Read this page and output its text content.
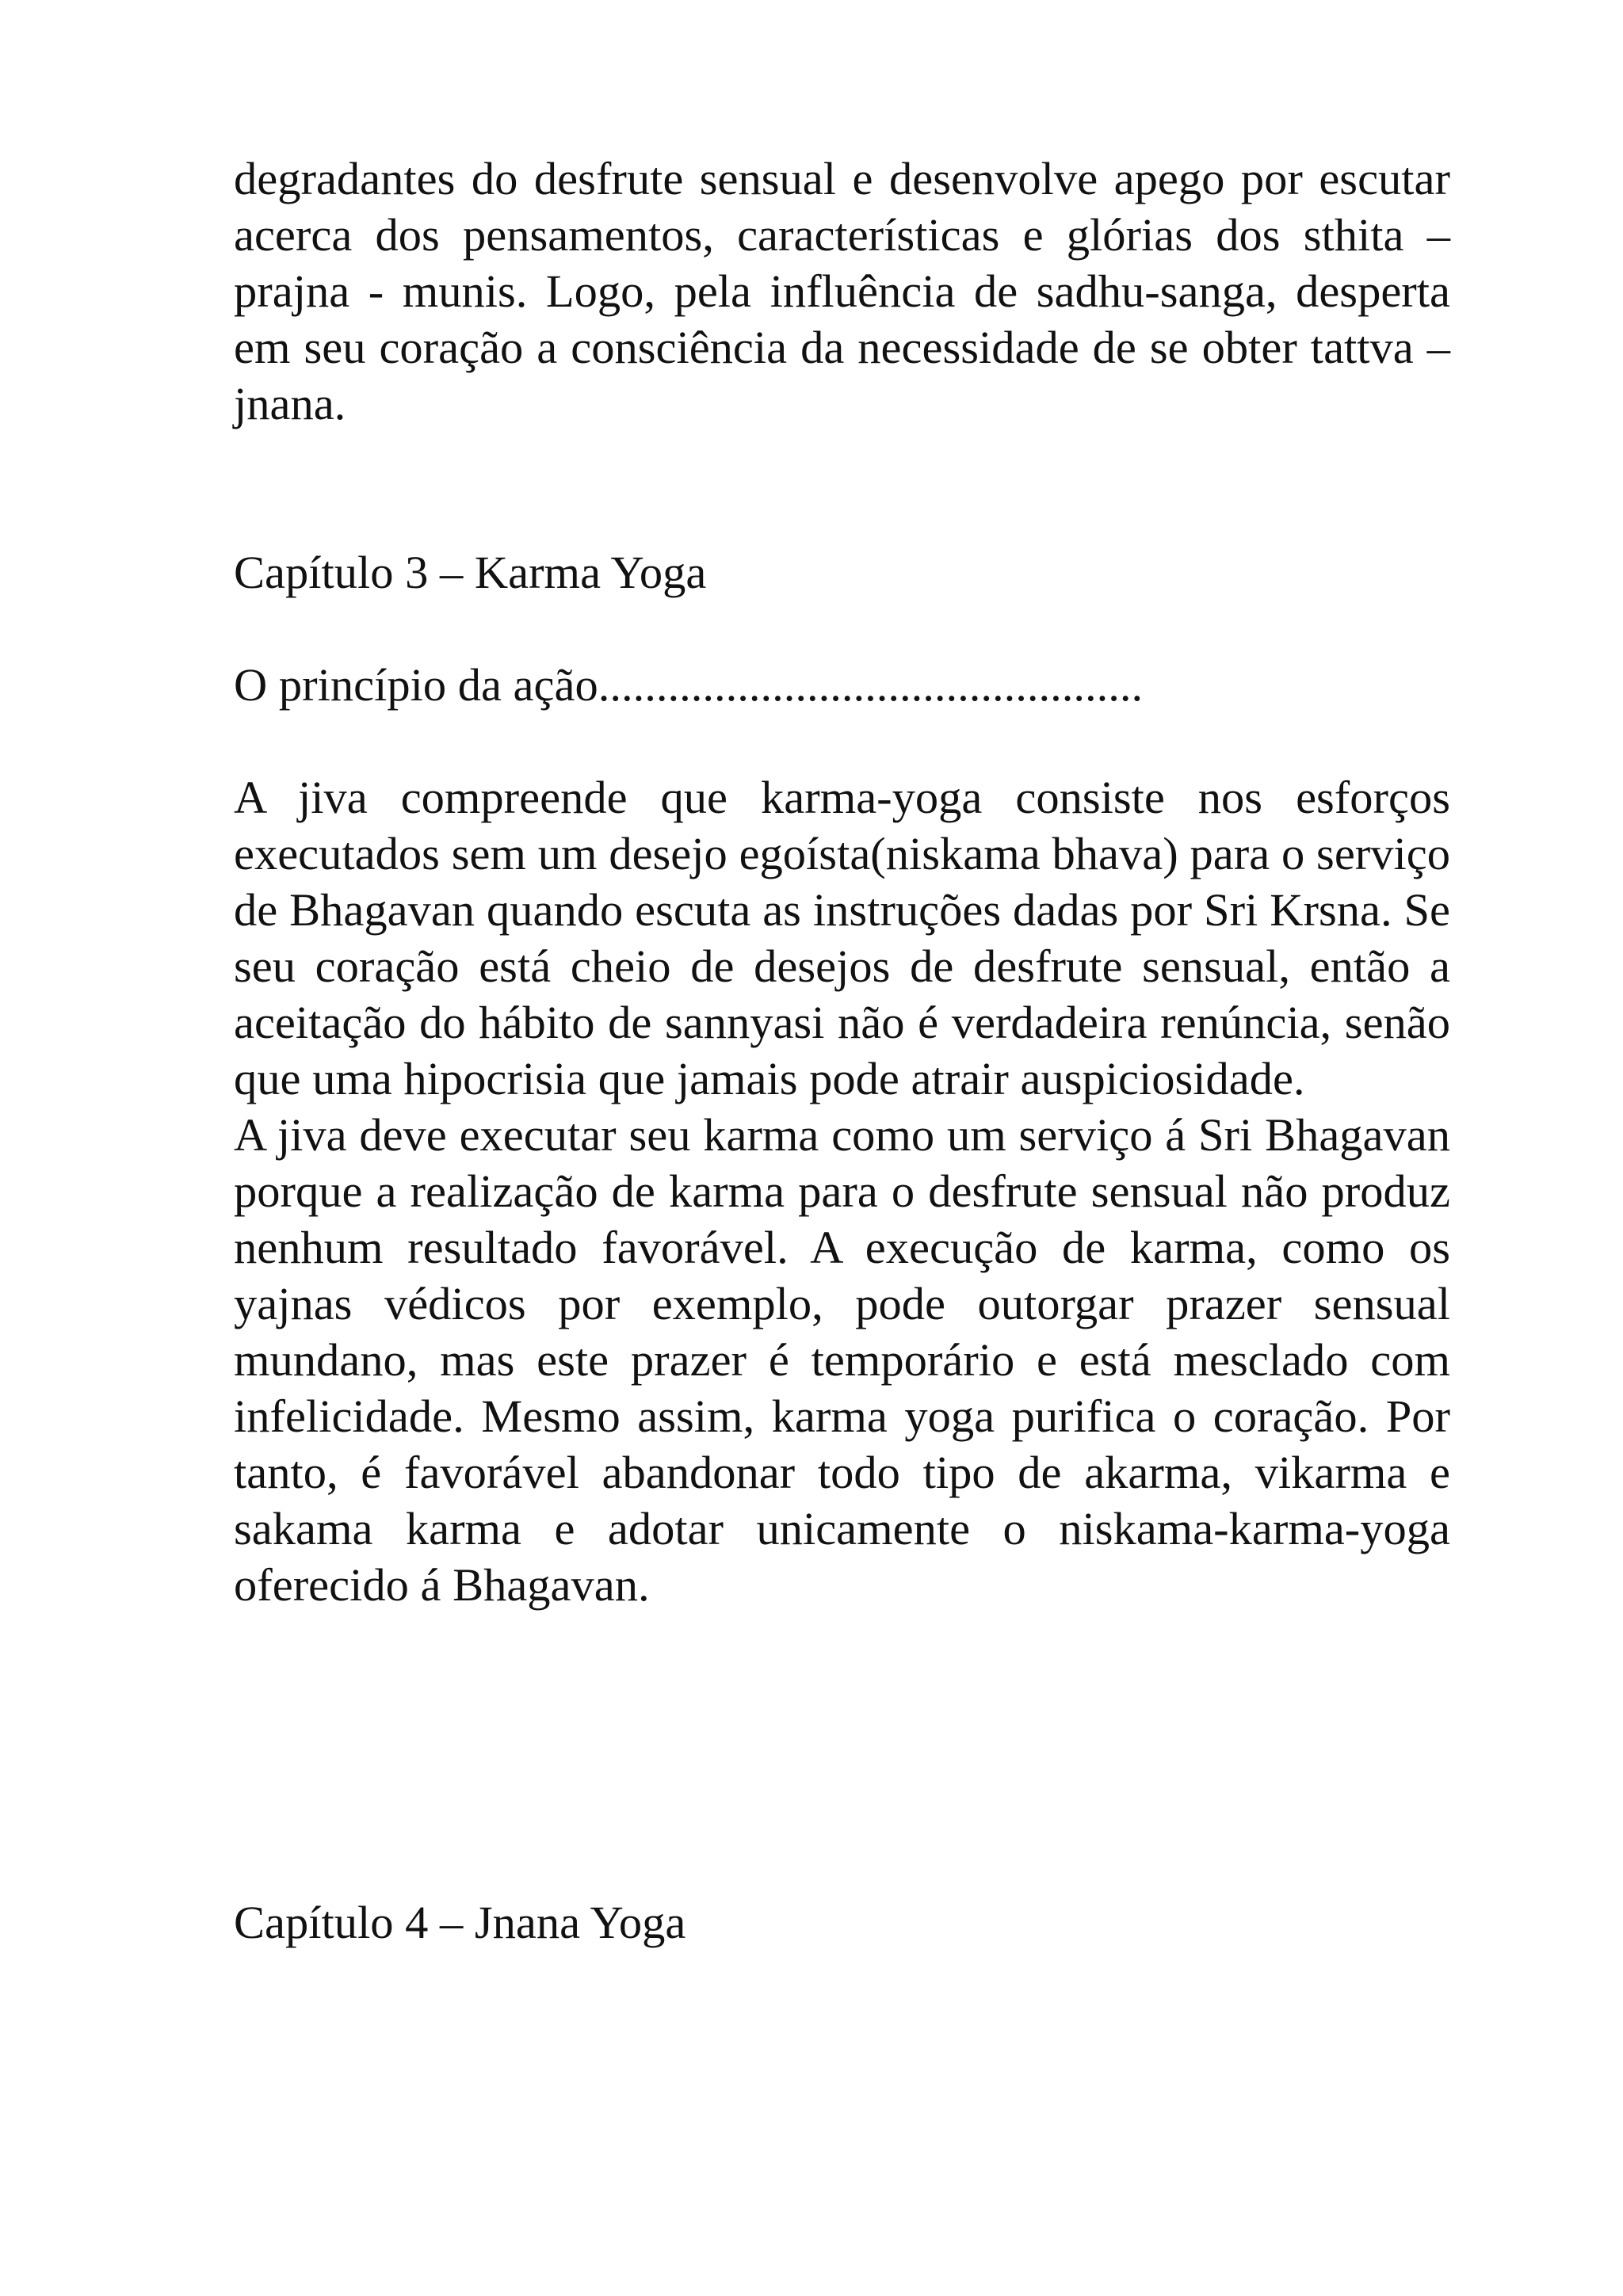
degradantes do desfrute sensual e desenvolve apego por escutar acerca dos pensamentos, características e glórias dos sthita – prajna - munis. Logo, pela influência de sadhu-sanga, desperta em seu coração a consciência da necessidade de se obter tattva – jnana.

Capítulo 3 – Karma Yoga

O princípio da ação...............................................

A jiva compreende que karma-yoga consiste nos esforços executados sem um desejo egoísta(niskama bhava) para o serviço de Bhagavan quando escuta as instruções dadas por Sri Krsna. Se seu coração está cheio de desejos de desfrute sensual, então a aceitação do hábito de sannyasi não é verdadeira renúncia, senão que uma hipocrisia que jamais pode atrair auspiciosidade.

A jiva deve executar seu karma como um serviço á Sri Bhagavan porque a realização de karma para o desfrute sensual não produz nenhum resultado favorável. A execução de karma, como os yajnas védicos por exemplo, pode outorgar prazer sensual mundano, mas este prazer é temporário e está mesclado com infelicidade. Mesmo assim, karma yoga purifica o coração. Por tanto, é favorável abandonar todo tipo de akarma, vikarma e sakama karma e adotar unicamente o niskama-karma-yoga oferecido á Bhagavan.

Capítulo 4 – Jnana Yoga
